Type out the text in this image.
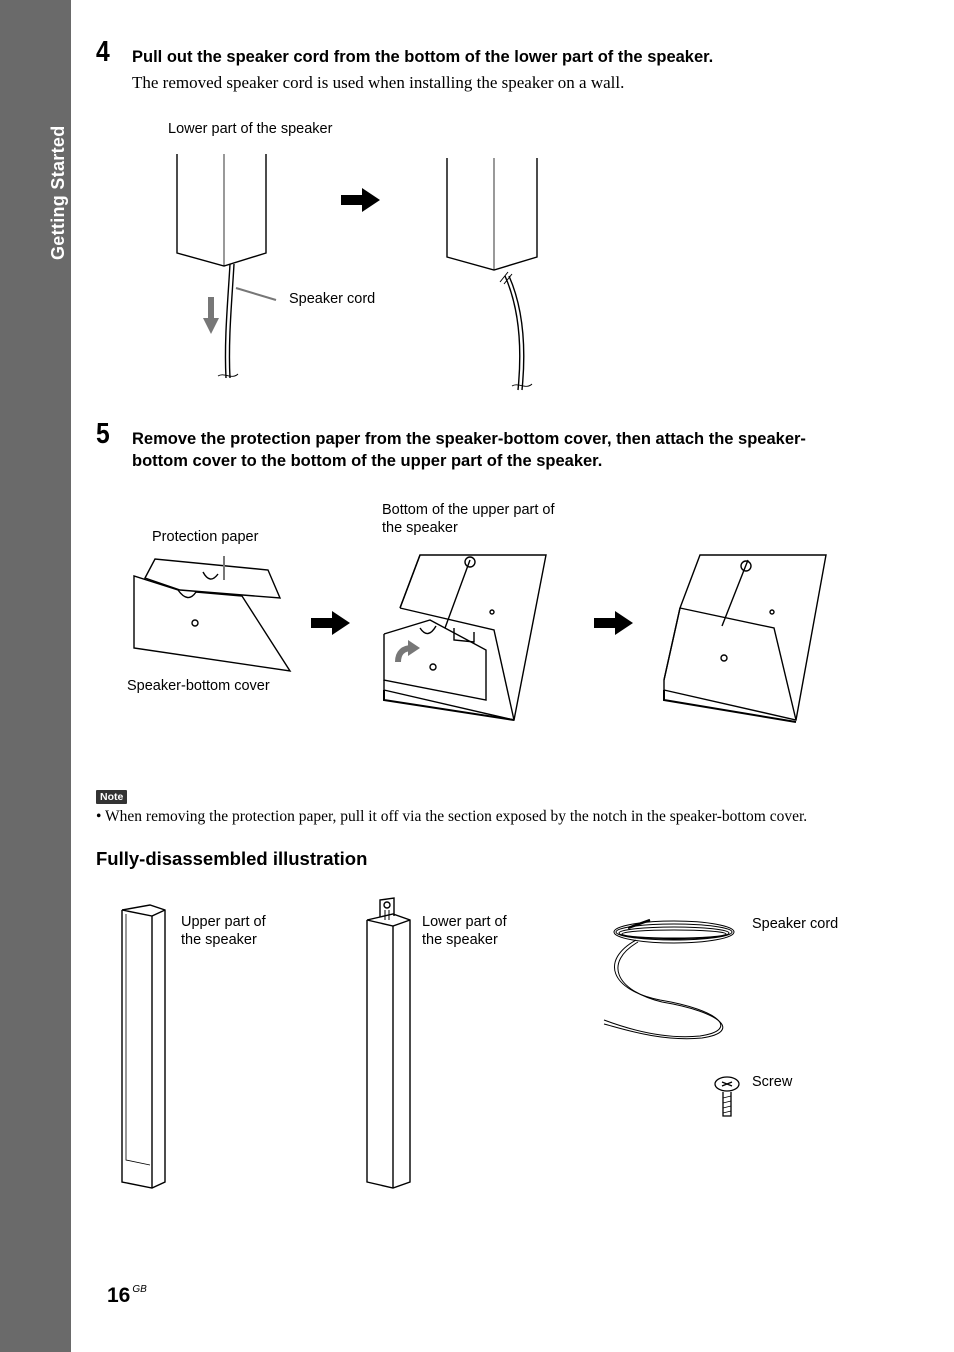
Getting Started
4 Pull out the speaker cord from the bottom of the lower part of the speaker.
The removed speaker cord is used when installing the speaker on a wall.
Lower part of the speaker
Speaker cord
5 Remove the protection paper from the speaker-bottom cover, then attach the speaker-
bottom cover to the bottom of the upper part of the speaker.
Protection paper
Bottom of the upper part of
the speaker
Speaker-bottom cover
Note
• When removing the protection paper, pull it off via the section exposed by the notch in the speaker-bottom cover.
Fully-disassembled illustration
Upper part of
the speaker
Lower part of
the speaker
Speaker cord
Screw
16 $^{GB}$
